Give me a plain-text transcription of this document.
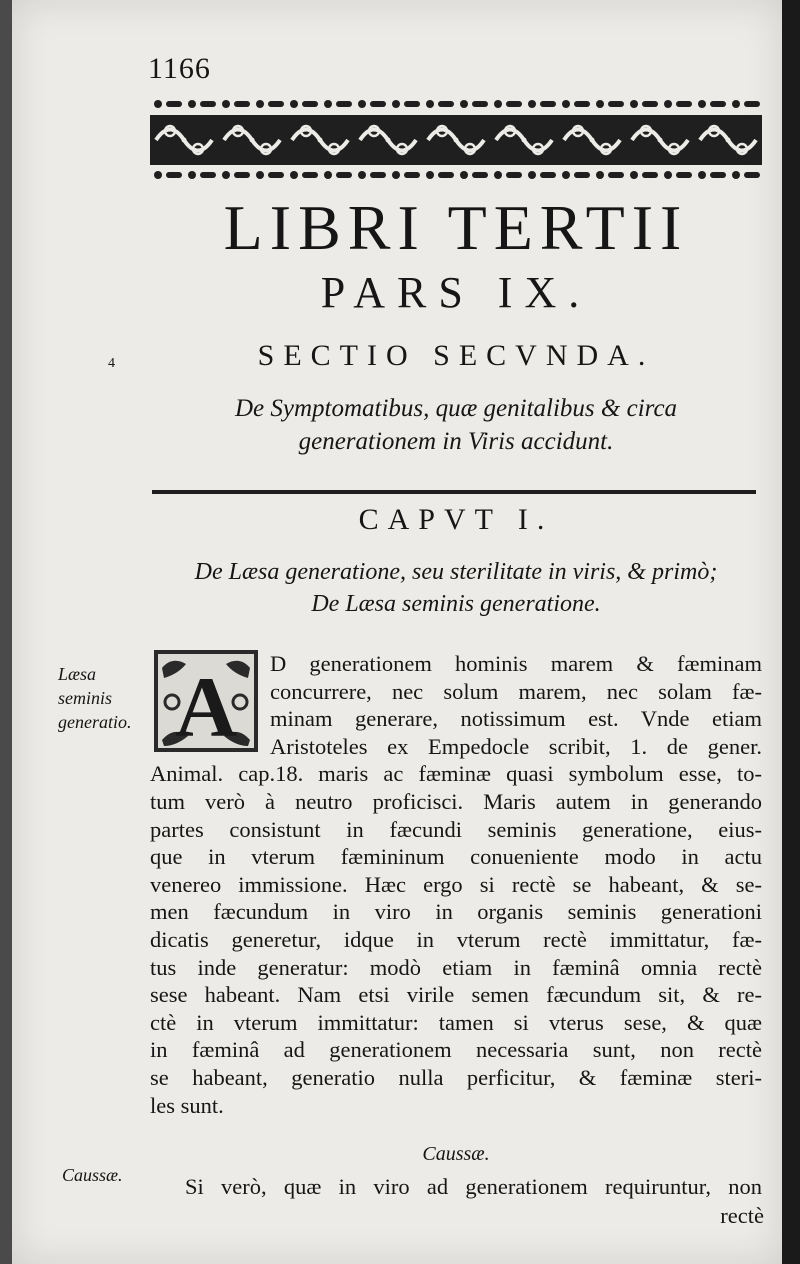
1166
LIBRI TERTII
PARS IX.
4	SECTIO SECVNDA.
De Symptomatibus, quæ genitalibus & circa
generationem in Viris accidunt.
CAPVT I.
De Læsa generatione, seu sterilitate in viris, & primò;
De Læsa seminis generatione.
Læsa seminis generatio. A D generationem hominis marem & fæminam
concurrere, nec solum marem, nec solam fæ-
minam generare, notissimum est. Vnde etiam
Aristoteles ex Empedocle scribit, 1. de gener.
Animal. cap.18. maris ac fæminæ quasi symbolum esse, to-
tum verò à neutro proficisci. Maris autem in generando
partes consistunt in fæcundi seminis generatione, eius-
que in vterum fæmininum conueniente modo in actu
venereo immissione. Hæc ergo si rectè se habeant, & se-
men fæcundum in viro in organis seminis generationi
dicatis generetur, idque in vterum rectè immittatur, fæ-
tus inde generatur: modò etiam in fæminâ omnia rectè
sese habeant. Nam etsi virile semen fæcundum sit, & re-
ctè in vterum immittatur: tamen si vterus sese, & quæ
in fæminâ ad generationem necessaria sunt, non rectè
se habeant, generatio nulla perficitur, & fæminæ steri-
les sunt.
Caussæ.
Caussæ.	Si verò, quæ in viro ad generationem requiruntur, non
rectè
